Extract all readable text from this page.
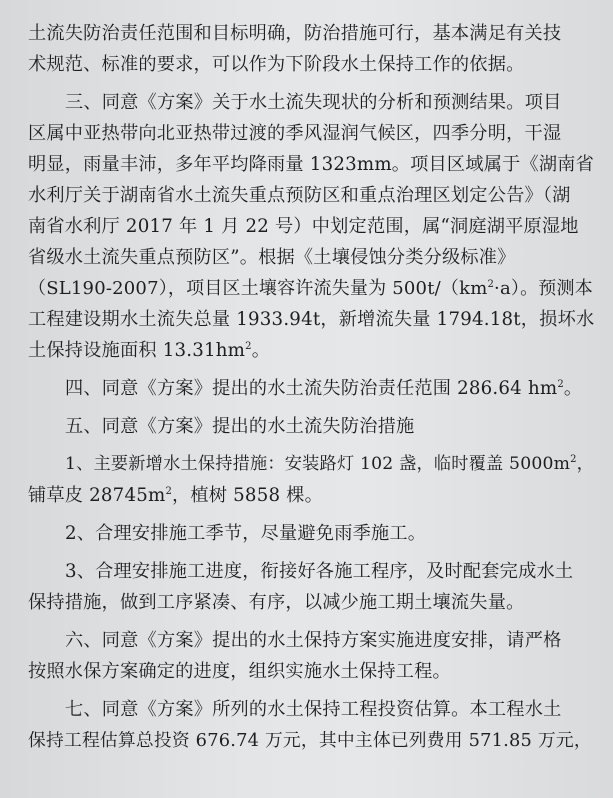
土流失防治责任范围和目标明确，防治措施可行，基本满足有关技
术规范、标准的要求，可以作为下阶段水土保持工作的依据。
三、同意《方案》关于水土流失现状的分析和预测结果。项目
区属中亚热带向北亚热带过渡的季风湿润气候区，四季分明，干湿
明显，雨量丰沛，多年平均降雨量 1323mm。项目区域属于《湖南省
水利厅关于湖南省水土流失重点预防区和重点治理区划定公告》（湖
南省水利厅 2017 年 1 月 22 号）中划定范围，属“洞庭湖平原湿地
省级水土流失重点预防区”。根据《土壤侵蚀分类分级标准》
（SL190-2007），项目区土壤容许流失量为 $500t/(km^2\cdot a)$。预测本
工程建设期水土流失总量 1933.94t，新增流失量 1794.18t，损坏水
土保持设施面积 $13.31hm^2$。
四、同意《方案》提出的水土流失防治责任范围 286.64 $hm^2$。
五、同意《方案》提出的水土流失防治措施
1、主要新增水土保持措施：安装路灯 102 盏，临时覆盖 $5000m^2$，
铺草皮 $28745m^2$，植树 5858 棵。
2、合理安排施工季节，尽量避免雨季施工。
3、合理安排施工进度，衔接好各施工程序，及时配套完成水土
保持措施，做到工序紧凑、有序，以减少施工期土壤流失量。
六、同意《方案》提出的水土保持方案实施进度安排，请严格
按照水保方案确定的进度，组织实施水土保持工程。
七、同意《方案》所列的水土保持工程投资估算。本工程水土
保持工程估算总投资 676.74 万元，其中主体已列费用 571.85 万元，
